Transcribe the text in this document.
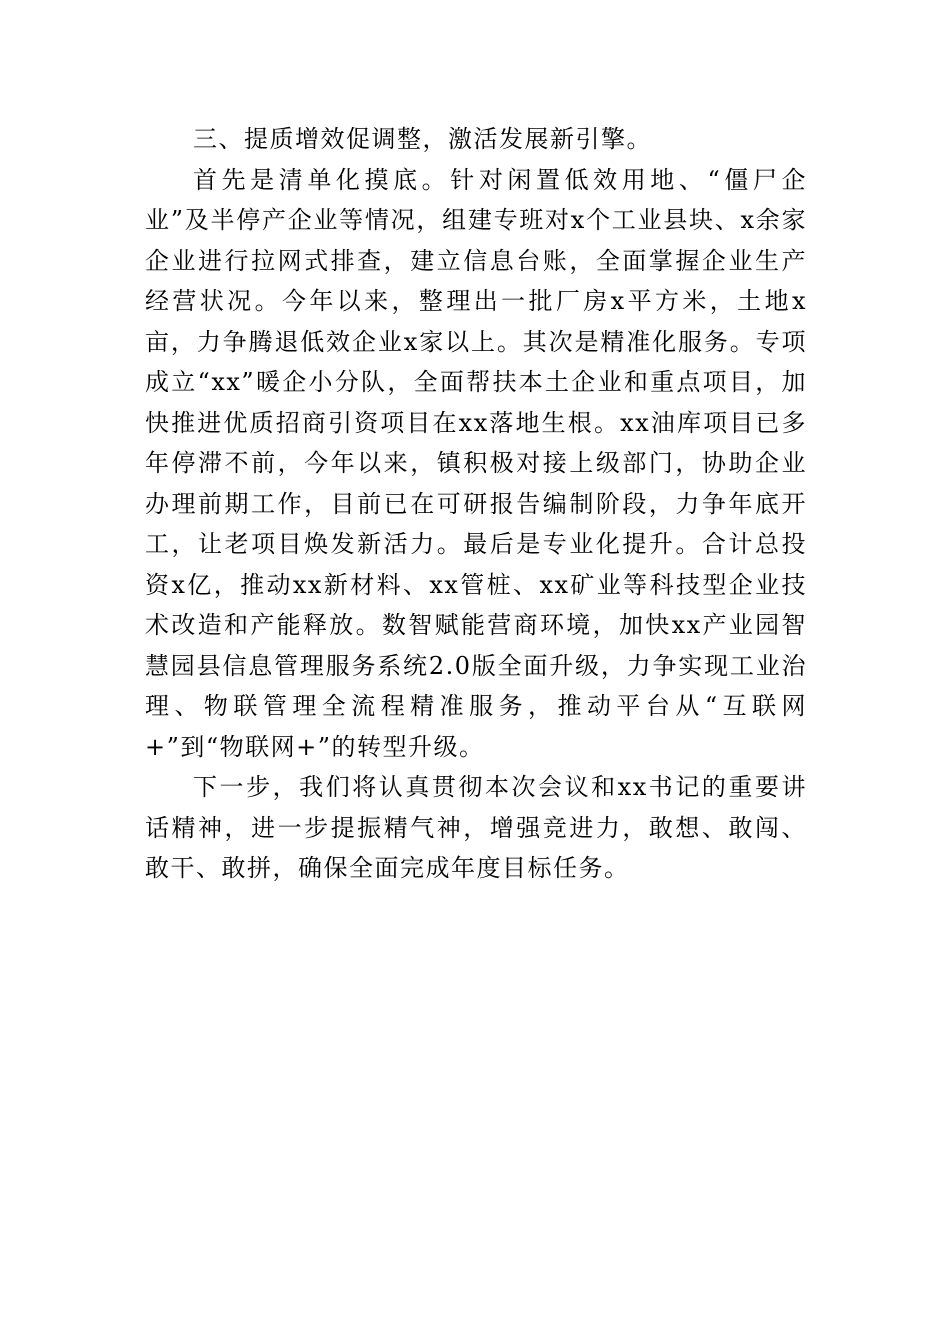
三、提质增效促调整，激活发展新引擎。

首先是清单化摸底。针对闲置低效用地、“僵尸企业”及半停产企业等情况，组建专班对x个工业县块、x余家企业进行拉网式排查，建立信息台账，全面掌握企业生产经营状况。今年以来，整理出一批厂房x平方米，土地x亩，力争腾退低效企业x家以上。其次是精准化服务。专项成立“xx”暖企小分队，全面帮扶本土企业和重点项目，加快推进优质招商引资项目在xx落地生根。xx油库项目已多年停滞不前，今年以来，镇积极对接上级部门，协助企业办理前期工作，目前已在可研报告编制阶段，力争年底开工，让老项目焕发新活力。最后是专业化提升。合计总投资x亿，推动xx新材料、xx管桩、xx矿业等科技型企业技术改造和产能释放。数智赋能营商环境，加快xx产业园智慧园县信息管理服务系统2.0版全面升级，力争实现工业治理、物联管理全流程精准服务，推动平台从“互联网+”到“物联网+”的转型升级。

下一步，我们将认真贯彻本次会议和xx书记的重要讲话精神，进一步提振精气神，增强竞进力，敢想、敢闯、敢干、敢拼，确保全面完成年度目标任务。
